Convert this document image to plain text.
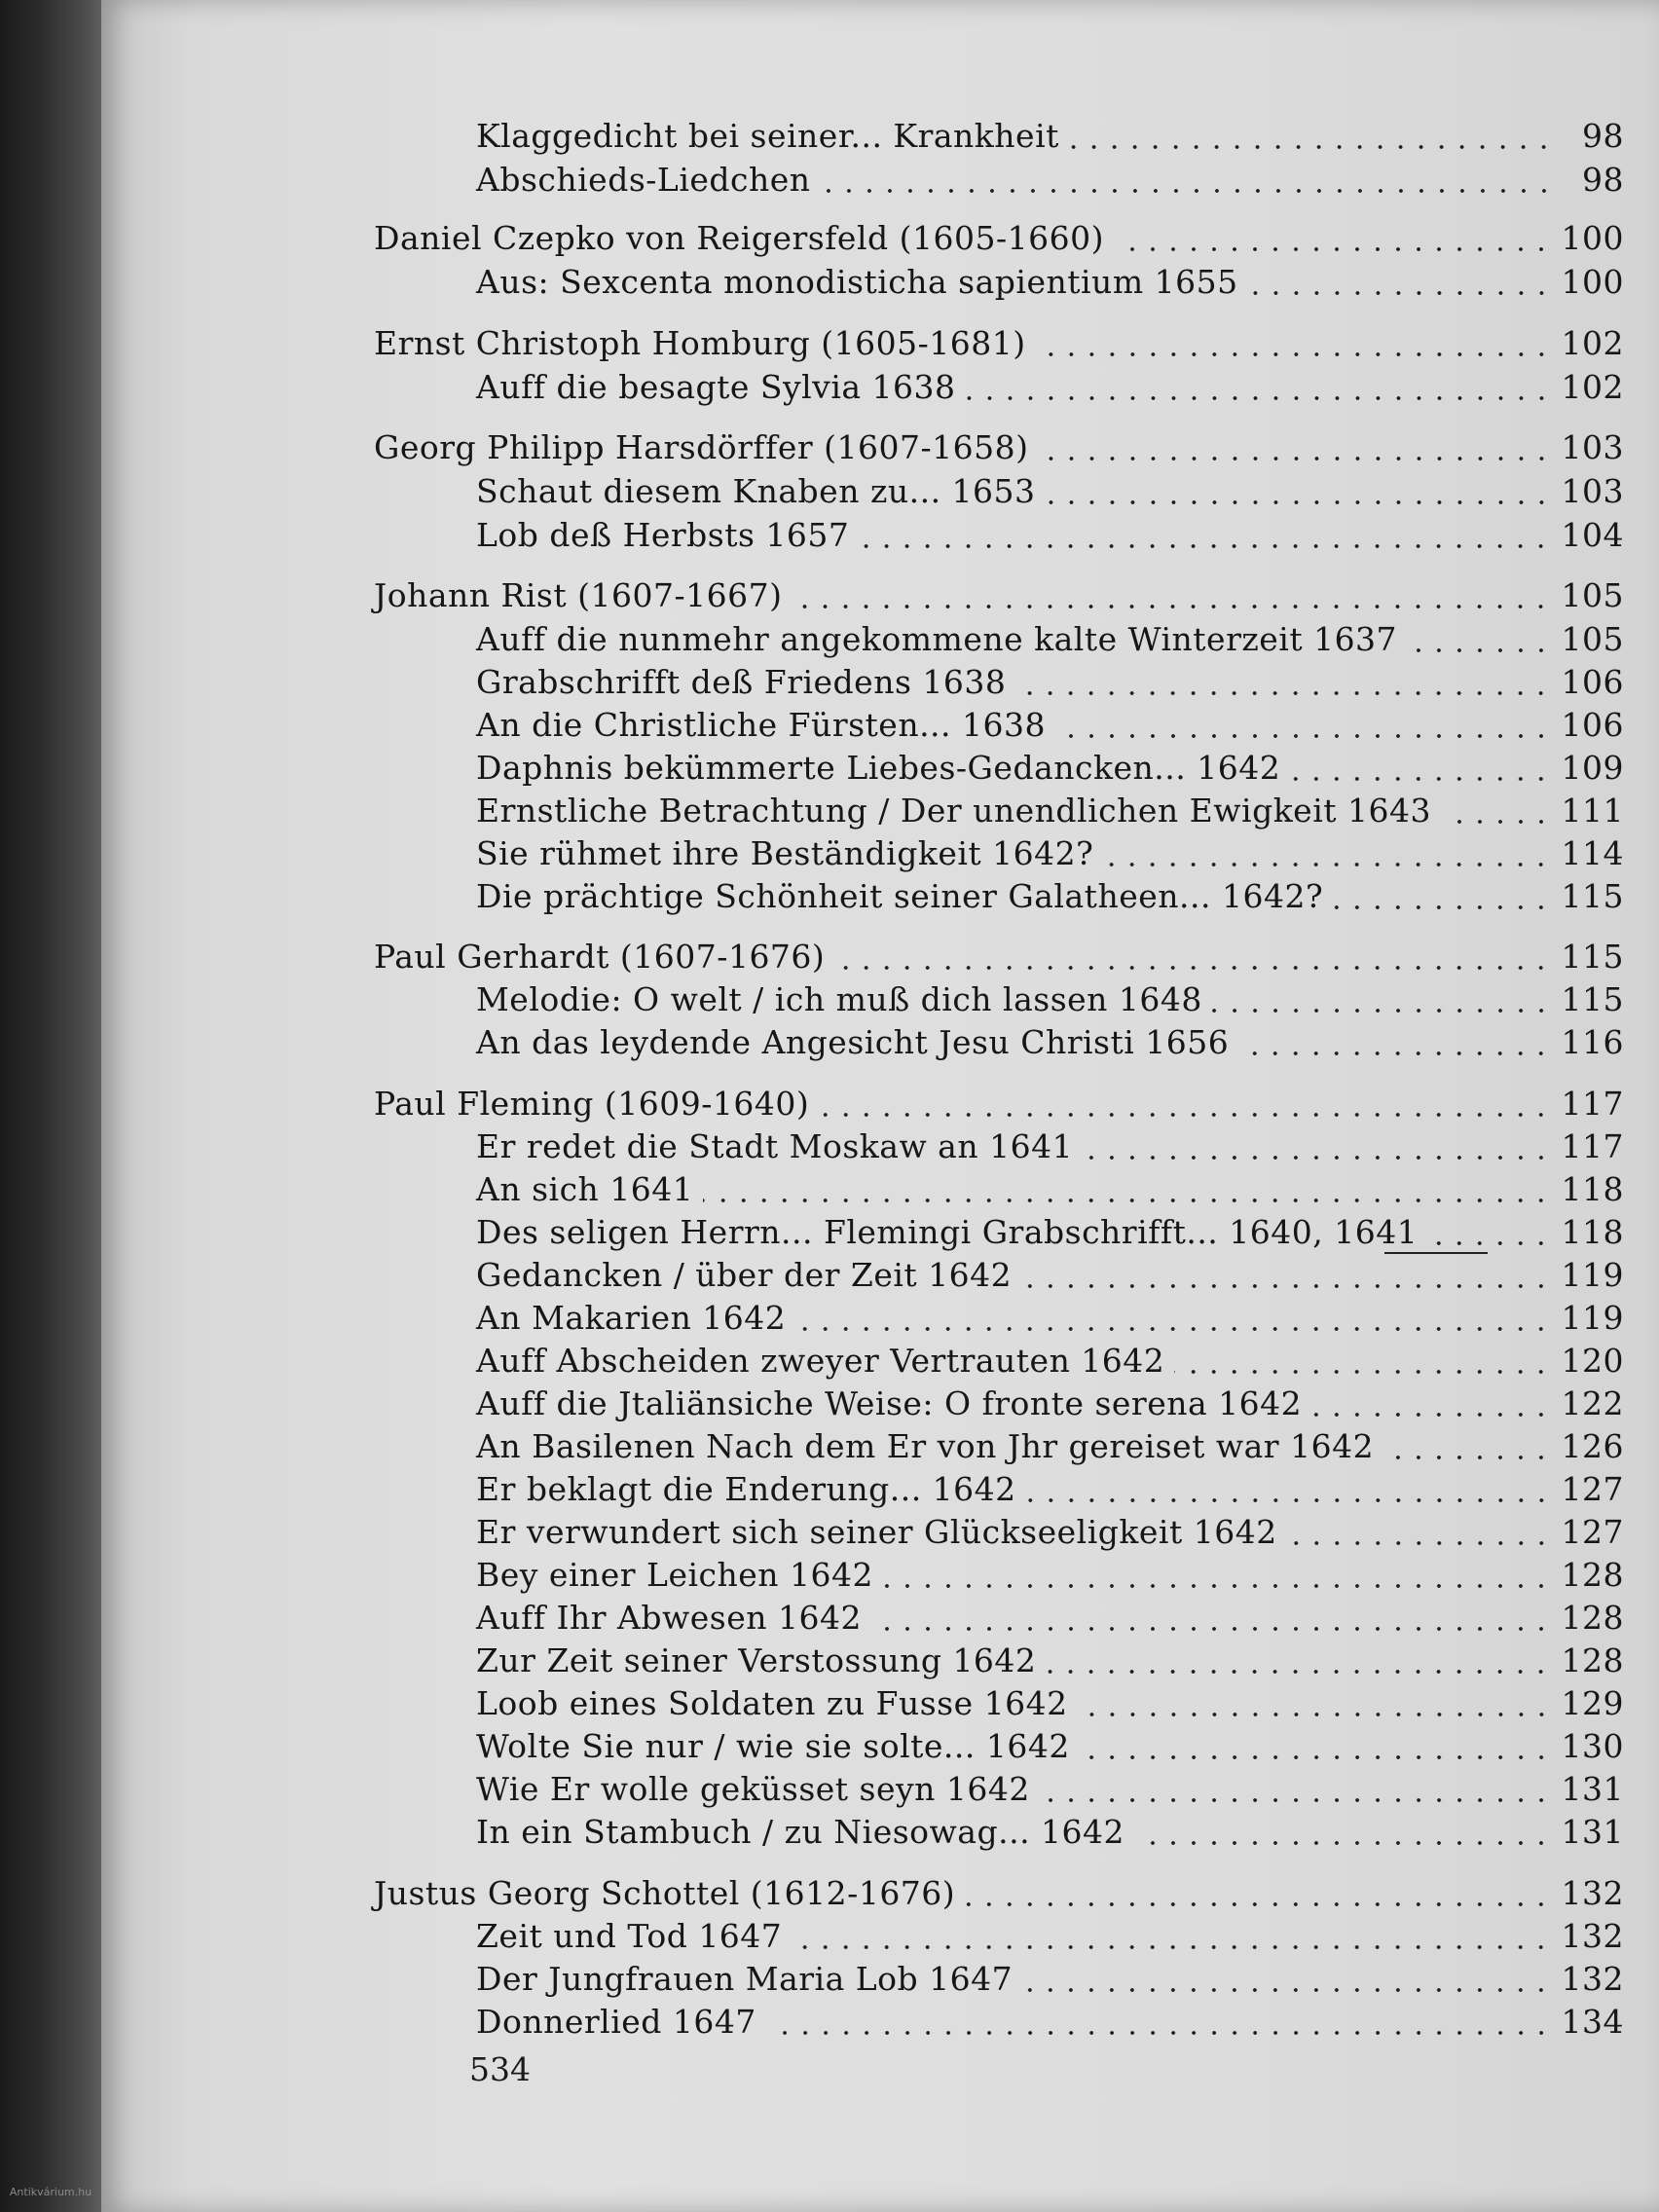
Klaggedicht bei seiner... Krankheit	98
Abschieds-Liedchen	98
Daniel Czepko von Reigersfeld (1605-1660)	100
Aus: Sexcenta monodisticha sapientium 1655	100
Ernst Christoph Homburg (1605-1681)	102
Auff die besagte Sylvia 1638	102
Georg Philipp Harsdörffer (1607-1658)	103
Schaut diesem Knaben zu... 1653	103
Lob deß Herbsts 1657	104
Johann Rist (1607-1667)	105
Auff die nunmehr angekommene kalte Winterzeit 1637	105
Grabschrifft deß Friedens 1638	106
An die Christliche Fürsten... 1638	106
Daphnis bekümmerte Liebes-Gedancken... 1642	109
Ernstliche Betrachtung / Der unendlichen Ewigkeit 1643	111
Sie rühmet ihre Beständigkeit 1642?	114
Die prächtige Schönheit seiner Galatheen... 1642?	115
Paul Gerhardt (1607-1676)	115
Melodie: O welt / ich muß dich lassen 1648	115
An das leydende Angesicht Jesu Christi 1656	116
Paul Fleming (1609-1640)	117
Er redet die Stadt Moskaw an 1641	117
An sich 1641	118
Des seligen Herrn... Flemingi Grabschrifft... 1640, 1641	118
Gedancken / über der Zeit 1642	119
An Makarien 1642	119
Auff Abscheiden zweyer Vertrauten 1642	120
Auff die Jtaliänsiche Weise: O fronte serena 1642	122
An Basilenen Nach dem Er von Jhr gereiset war 1642	126
Er beklagt die Enderung... 1642	127
Er verwundert sich seiner Glückseeligkeit 1642	127
Bey einer Leichen 1642	128
Auff Ihr Abwesen 1642	128
Zur Zeit seiner Verstossung 1642	128
Loob eines Soldaten zu Fusse 1642	129
Wolte Sie nur / wie sie solte... 1642	130
Wie Er wolle geküsset seyn 1642	131
In ein Stambuch / zu Niesowag... 1642	131
Justus Georg Schottel (1612-1676)	132
Zeit und Tod 1647	132
Der Jungfrauen Maria Lob 1647	132
Donnerlied 1647	134
534
Antikvárium.hu
